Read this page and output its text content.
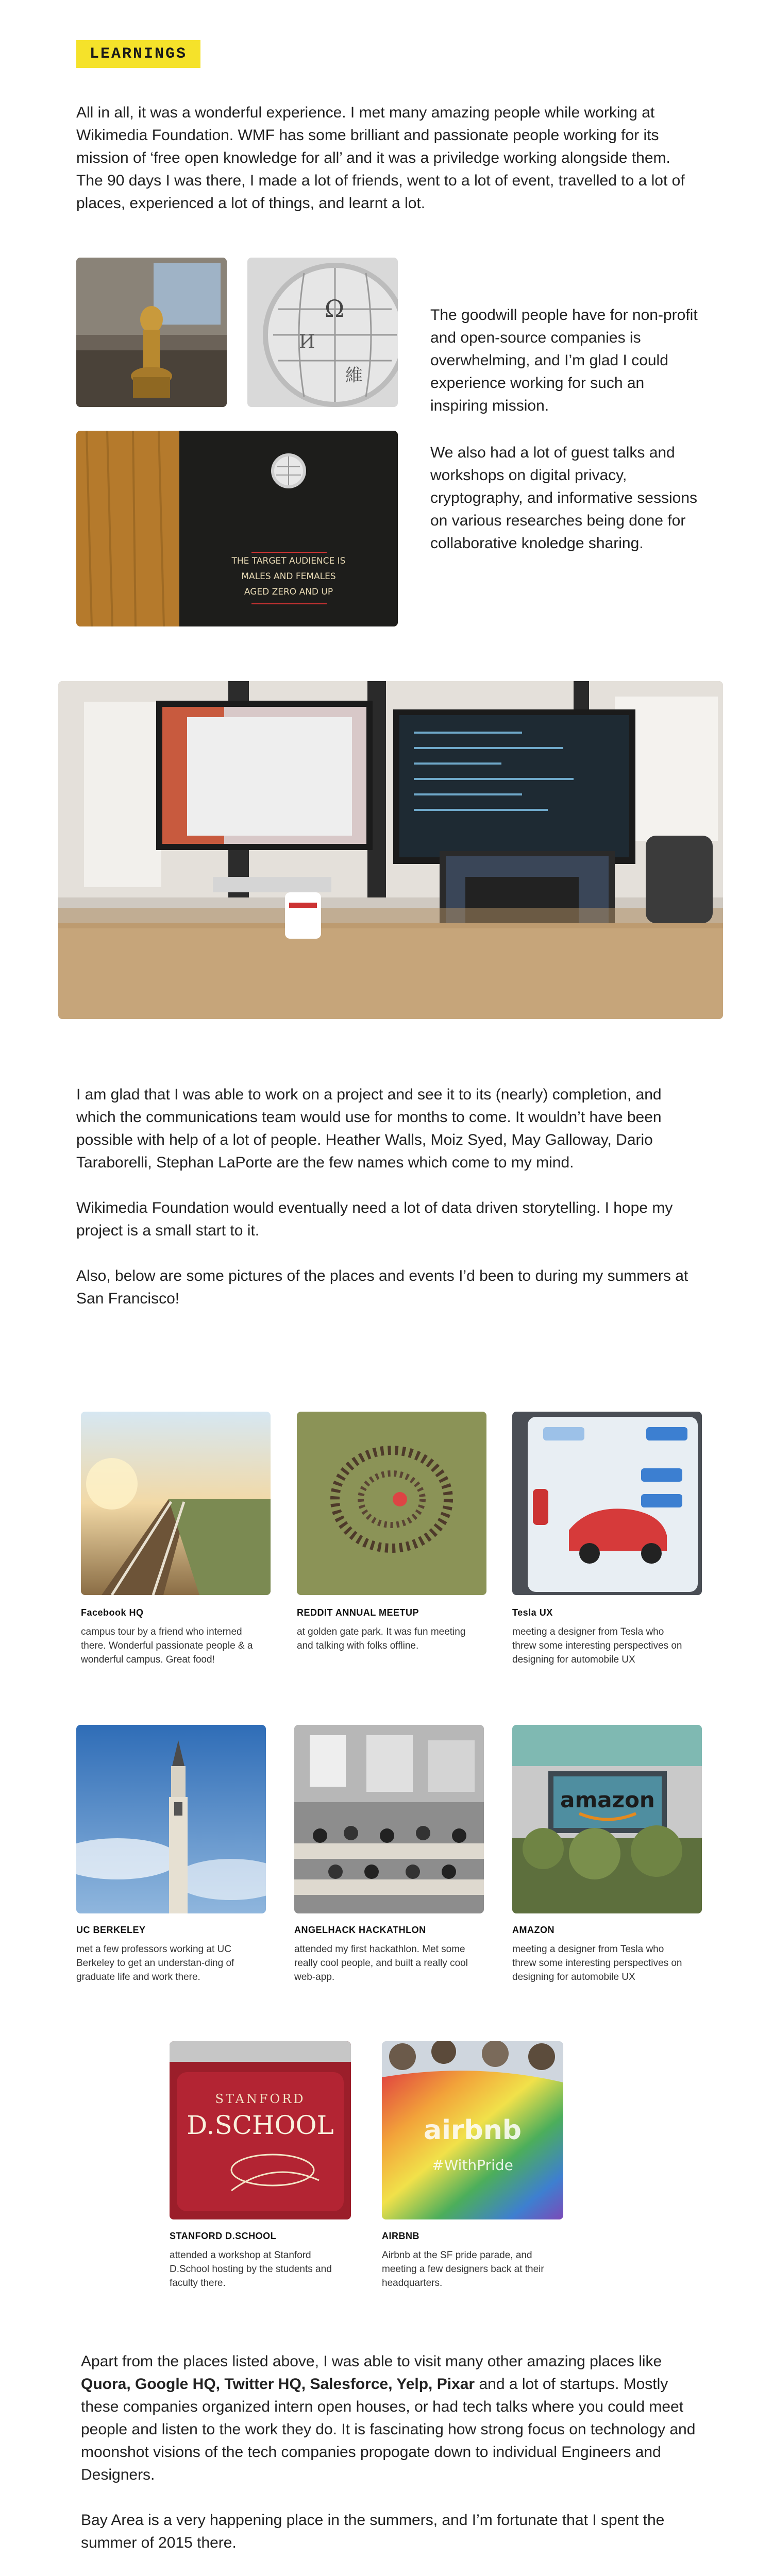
LEARNINGS

All in all, it was a wonderful experience. I met many amazing people while working at Wikimedia Foundation. WMF has some brilliant and passionate people working for its mission of ‘free open knowledge for all’ and it was a priviledge working alongside them. The 90 days I was there, I made a lot of friends, went to a lot of event, travelled to a lot of places, experienced a lot of things, and learnt a lot.

Ω
И
維

The goodwill people have for non-profit and open-source companies is overwhelming, and I’m glad I could experience working for such an inspiring mission.

THE TARGET AUDIENCE IS
MALES AND FEMALES
AGED ZERO AND UP

We also had a lot of guest talks and workshops on digital privacy, cryptography, and informative sessions on various researches being done for collaborative knoledge sharing.

I am glad that I was able to work on a project and see it to its (nearly) completion, and which the communications team would use for months to come. It wouldn’t have been possible with help of a lot of people. Heather Walls, Moiz Syed, May Galloway, Dario Taraborelli, Stephan LaPorte are the few names which come to my mind.

Wikimedia Foundation would eventually need a lot of data driven storytelling. I hope my project is a small start to it.

Also, below are some pictures of the places and events I’d been to during my summers at San Francisco!

Facebook HQ
campus tour by a friend who interned there. Wonderful passionate people & a wonderful campus. Great food!
REDDIT ANNUAL MEETUP
at golden gate park. It was fun meeting and talking with folks offline.
Tesla UX
meeting a designer from Tesla who threw some interesting perspectives on designing for automobile UX
UC BERKELEY
met a few professors working at UC Berkeley to get an understan-ding of graduate life and work there.
ANGELHACK HACKATHLON
attended my first hackathlon. Met some really cool people, and built a really cool web-app.
amazon
AMAZON
meeting a designer from Tesla who threw some interesting perspectives on designing for automobile UX
STANFORD
D.SCHOOL
STANFORD D.SCHOOL
attended a workshop at Stanford D.School hosting by the students and faculty there.
airbnb
#WithPride
AIRBNB
Airbnb at the SF pride parade, and meeting a few designers back at their headquarters.

Apart from the places listed above, I was able to visit many other amazing places like Quora, Google HQ, Twitter HQ, Salesforce, Yelp, Pixar and a lot of startups. Mostly these companies organized intern open houses, or had tech talks where you could meet people and listen to the work they do. It is fascinating how strong focus on technology and moonshot visions of the tech companies propogate down to individual Engineers and Designers.

Bay Area is a very happening place in the summers, and I’m fortunate that I spent the summer of 2015 there.
